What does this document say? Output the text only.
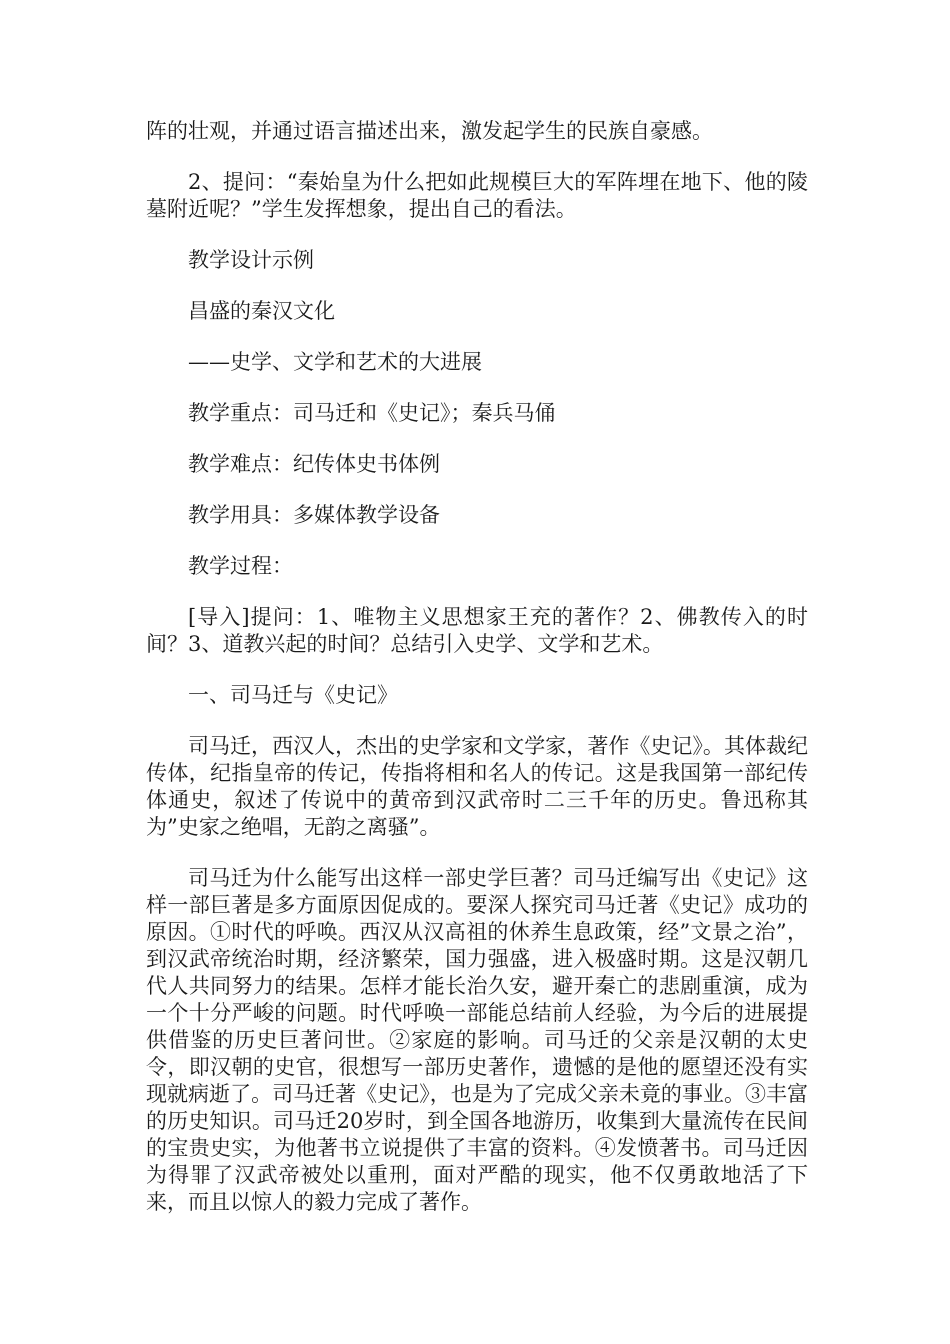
阵的壮观，并通过语言描述出来，激发起学生的民族自豪感。

2、提问：“秦始皇为什么把如此规模巨大的军阵埋在地下、他的陵墓附近呢？”学生发挥想象，提出自己的看法。

教学设计示例

昌盛的秦汉文化

——史学、文学和艺术的大进展

教学重点：司马迁和《史记》；秦兵马俑

教学难点：纪传体史书体例

教学用具：多媒体教学设备

教学过程：

[导入]提问：1、唯物主义思想家王充的著作？2、佛教传入的时间？3、道教兴起的时间？总结引入史学、文学和艺术。

一、司马迁与《史记》

司马迁，西汉人，杰出的史学家和文学家，著作《史记》。其体裁纪传体，纪指皇帝的传记，传指将相和名人的传记。这是我国第一部纪传体通史，叙述了传说中的黄帝到汉武帝时二三千年的历史。鲁迅称其为”史家之绝唱，无韵之离骚”。

司马迁为什么能写出这样一部史学巨著？司马迁编写出《史记》这样一部巨著是多方面原因促成的。要深人探究司马迁著《史记》成功的原因。①时代的呼唤。西汉从汉高祖的休养生息政策，经”文景之治”，到汉武帝统治时期，经济繁荣，国力强盛，进入极盛时期。这是汉朝几代人共同努力的结果。怎样才能长治久安，避开秦亡的悲剧重演，成为一个十分严峻的问题。时代呼唤一部能总结前人经验，为今后的进展提供借鉴的历史巨著问世。②家庭的影响。司马迁的父亲是汉朝的太史令，即汉朝的史官，很想写一部历史著作，遗憾的是他的愿望还没有实现就病逝了。司马迁著《史记》，也是为了完成父亲未竟的事业。③丰富的历史知识。司马迁20岁时，到全国各地游历，收集到大量流传在民间的宝贵史实，为他著书立说提供了丰富的资料。④发愤著书。司马迁因为得罪了汉武帝被处以重刑，面对严酷的现实，他不仅勇敢地活了下来，而且以惊人的毅力完成了著作。
